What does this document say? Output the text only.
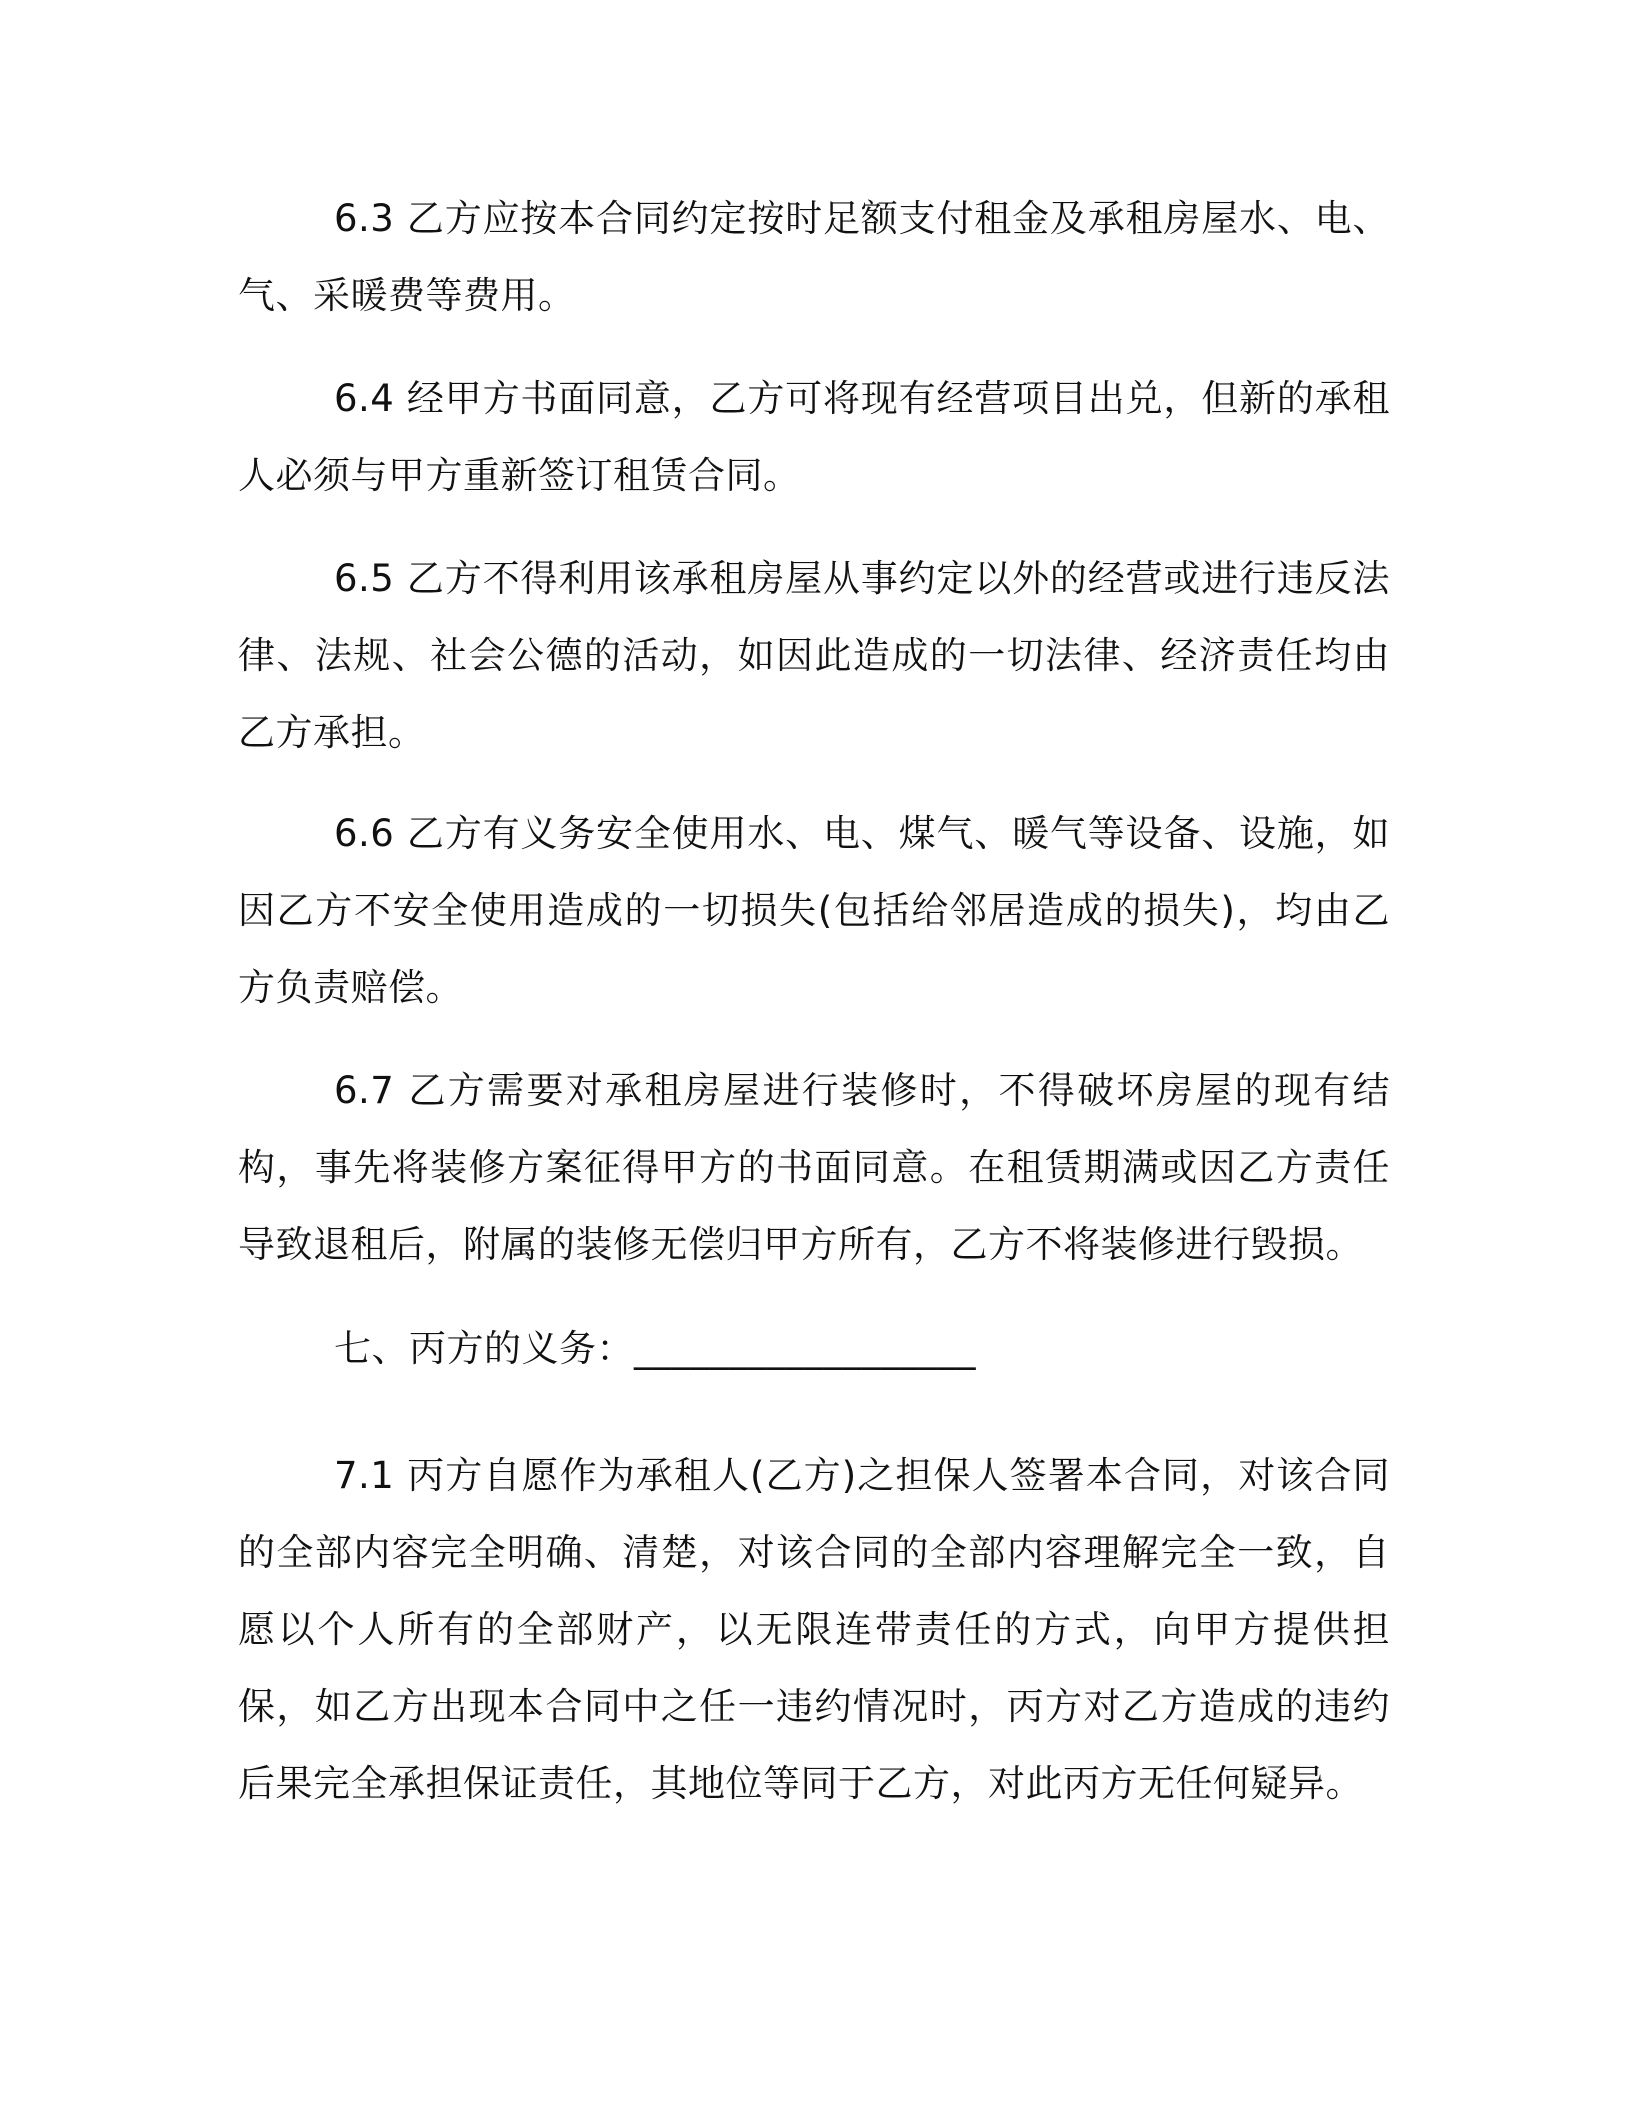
6.3 乙方应按本合同约定按时足额支付租金及承租房屋水、电、气、采暖费等费用。

6.4 经甲方书面同意，乙方可将现有经营项目出兑，但新的承租人必须与甲方重新签订租赁合同。

6.5 乙方不得利用该承租房屋从事约定以外的经营或进行违反法律、法规、社会公德的活动，如因此造成的一切法律、经济责任均由乙方承担。

6.6 乙方有义务安全使用水、电、煤气、暖气等设备、设施，如因乙方不安全使用造成的一切损失(包括给邻居造成的损失)，均由乙方负责赔偿。

6.7 乙方需要对承租房屋进行装修时，不得破坏房屋的现有结构，事先将装修方案征得甲方的书面同意。在租赁期满或因乙方责任导致退租后，附属的装修无偿归甲方所有，乙方不将装修进行毁损。

七、丙方的义务：__________________

7.1 丙方自愿作为承租人(乙方)之担保人签署本合同，对该合同的全部内容完全明确、清楚，对该合同的全部内容理解完全一致，自愿以个人所有的全部财产，以无限连带责任的方式，向甲方提供担保，如乙方出现本合同中之任一违约情况时，丙方对乙方造成的违约后果完全承担保证责任，其地位等同于乙方，对此丙方无任何疑异。
